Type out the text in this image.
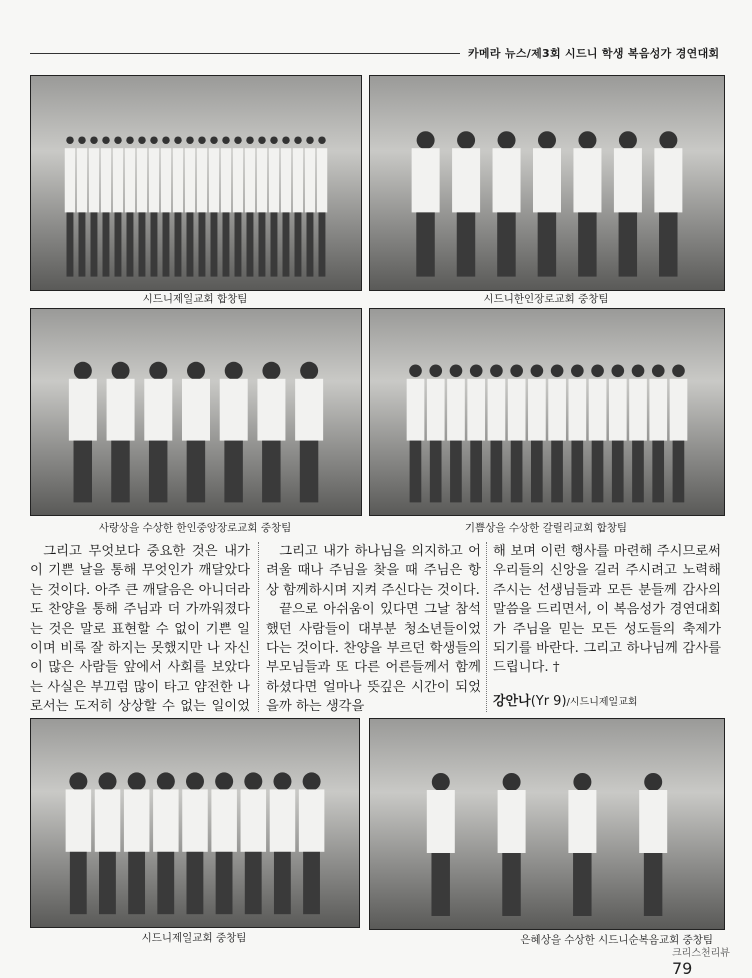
카메라 뉴스/제3회 시드니 학생 복음성가 경연대회
시드니제일교회 합창팀	시드니한인장로교회 중창팀
사랑상을 수상한 한인중앙장로교회 중창팀	기쁨상을 수상한 갈릴리교회 합창팀

그리고 무엇보다 중요한 것은 내가 이 기쁜 날을 통해 무엇인가 깨달았다는 것이다. 아주 큰 깨달음은 아니더라도 찬양을 통해 주님과 더 가까워졌다는 것은 말로 표현할 수 없이 기쁜 일이며 비록 잘 하지는 못했지만 나 자신이 많은 사람들 앞에서 사회를 보았다는 사실은 부끄럼 많이 타고 얌전한 나로서는 도저히 상상할 수 없는 일이었

그리고 내가 하나님을 의지하고 어려울 때나 주님을 찾을 때 주님은 항상 함께하시며 지켜 주신다는 것이다.

끝으로 아쉬움이 있다면 그날 참석했던 사람들이 대부분 청소년들이었다는 것이다. 찬양을 부르던 학생들의 부모님들과 또 다른 어른들께서 함께 하셨다면 얼마나 뜻깊은 시간이 되었을까 하는 생각을

해 보며 이런 행사를 마련해 주시므로써 우리들의 신앙을 길러 주시려고 노력해 주시는 선생님들과 모든 분들께 감사의 말씀을 드리면서, 이 복음성가 경연대회가 주님을 믿는 모든 성도들의 축제가 되기를 바란다. 그리고 하나님께 감사를 드립니다. †

강안나(Yr 9)/시드니제일교회
시드니제일교회 중창팀	은혜상을 수상한 시드니순복음교회 중창팀
크리스천리뷰 79
